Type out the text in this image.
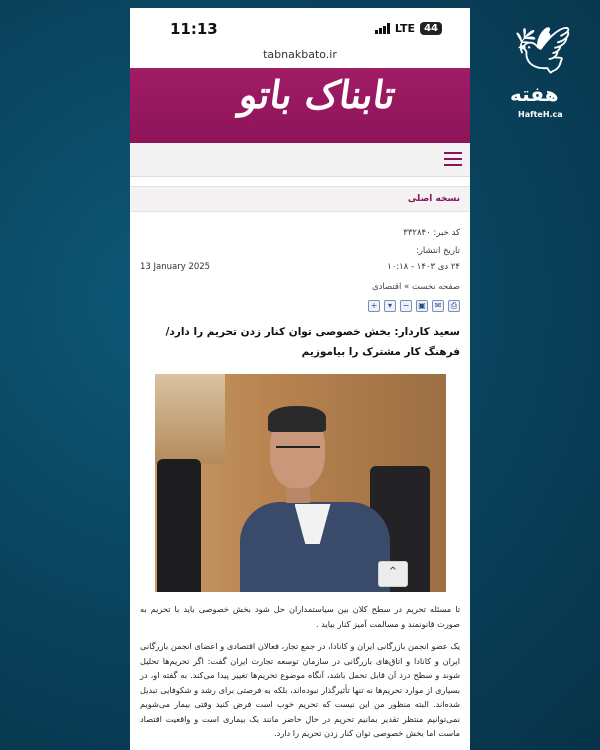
11:13	LTE 44
tabnakbato.ir
تابناک باتو
نسخه اصلی
کد خبر: ۳۳۲۸۴۰
تاریخ انتشار:
۲۴ دی ۱۴۰۳ - ۱۰:۱۸
13 January 2025
صفحه نخست » اقتصادی
⎙
✉
▣
−
▾
+
سعید کاردار: بخش خصوصی توان کنار زدن تحریم را دارد/فرهنگ کار مشترک را بیاموزیم
تا مسئله تحریم در سطح کلان بین سیاستمداران حل شود بخش خصوصی باید با تحریم به صورت قانونمند و مسالمت آمیز کنار بیاید .
یک عضو انجمن بازرگانی ایران و کانادا، در جمع تجار، فعالان اقتصادی و اعضای انجمن بازرگانی ایران و کانادا و اتاق‌های بازرگانی در سازمان توسعه تجارت ایران گفت: اگر تحریم‌ها تحلیل شوند و سطح درد آن قابل تحمل باشد، آنگاه موضوع تحریم‌ها تغییر پیدا می‌کند. به گفته او، در بسیاری از موارد تحریم‌ها نه تنها تأثیرگذار نبوده‌اند، بلکه به فرصتی برای رشد و شکوفایی تبدیل شده‌اند. البته منظور من این نیست که تحریم خوب است فرض کنید وقتی بیمار می‌شویم نمی‌توانیم منتظر تقدیر بمانیم تحریم در حال حاضر مانند یک بیماری است و واقعیت اقتصاد ماست اما بخش خصوصی توان کنار زدن تحریم را دارد.
⌃
🕊
هفته
HafteH.ca
